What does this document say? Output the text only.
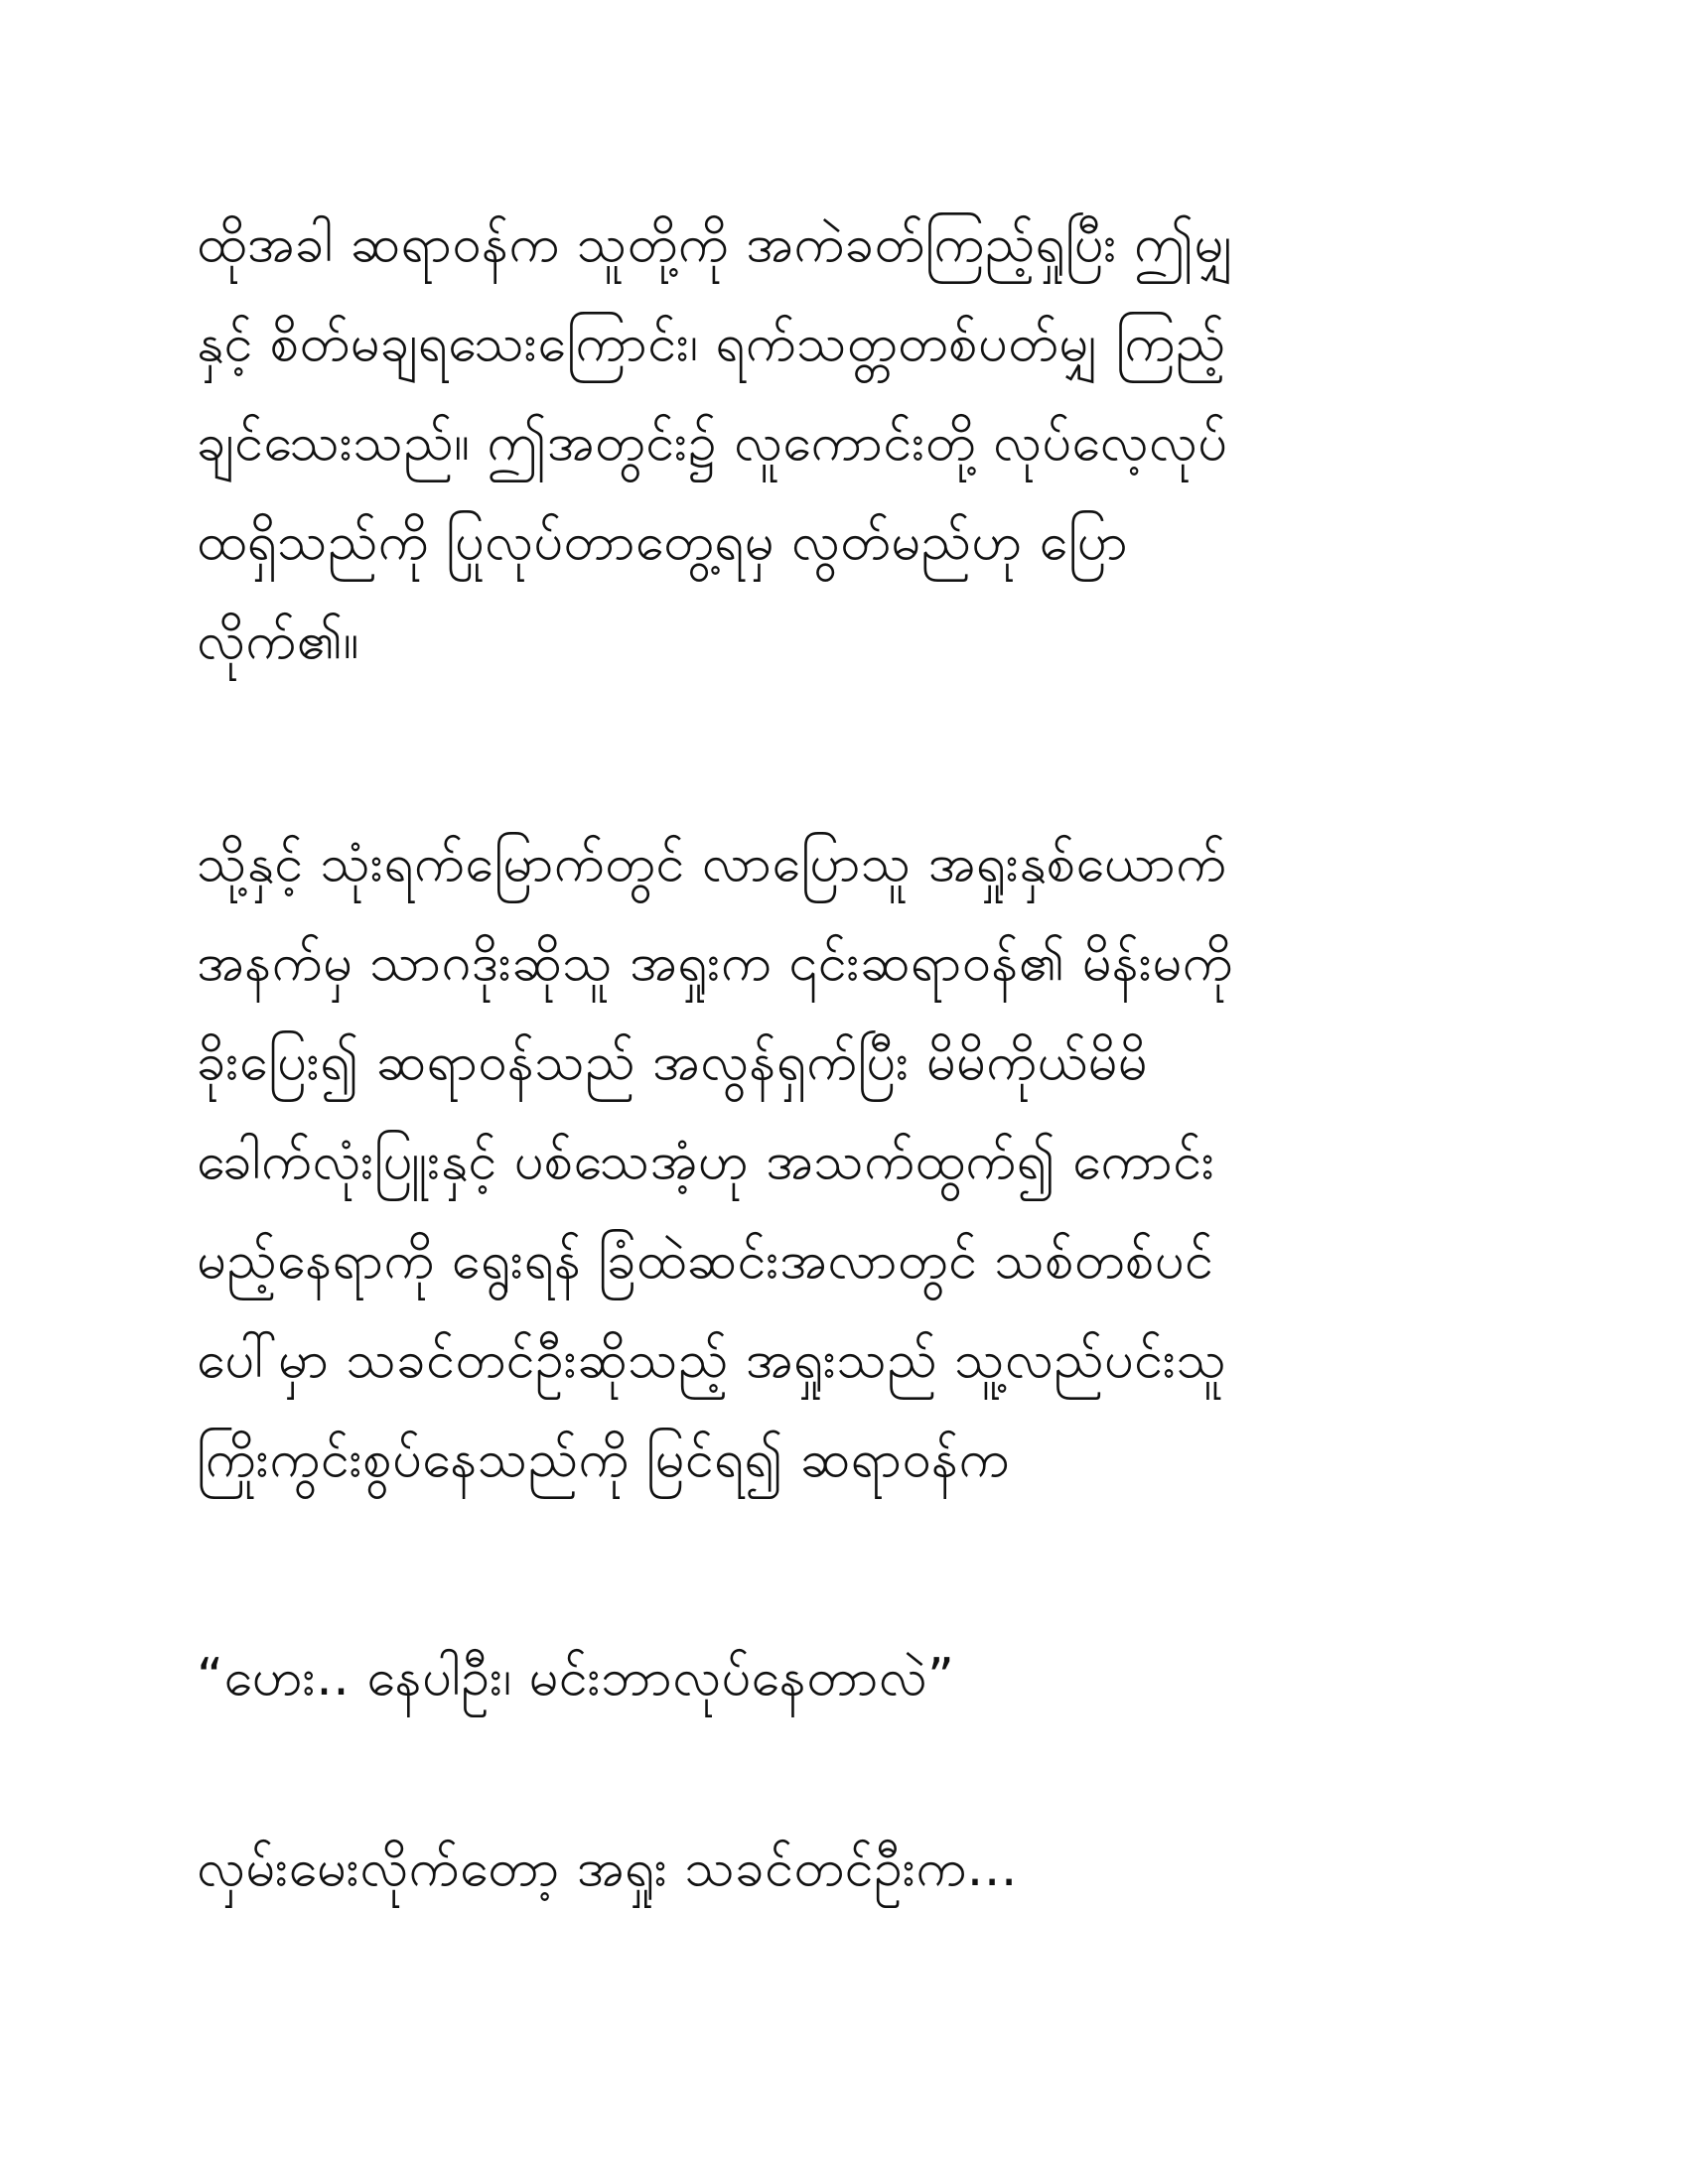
ထိုအခါ ဆရာဝန်က သူတို့ကို အကဲခတ်ကြည့်ရှုပြီး ဤမျှ
နှင့် စိတ်မချရသေးကြောင်း၊ ရက်သတ္တတစ်ပတ်မျှ ကြည့်
ချင်သေးသည်။ ဤအတွင်း၌ လူကောင်းတို့ လုပ်လေ့လုပ်
ထရှိသည်ကို ပြုလုပ်တာတွေ့ရမှ လွတ်မည်ဟု ပြော
လိုက်၏။
သို့နှင့် သုံးရက်မြောက်တွင် လာပြောသူ အရှုးနှစ်ယောက်
အနက်မှ သာဂဒိုးဆိုသူ အရှုးက ၎င်းဆရာဝန်၏ မိန်းမကို
ခိုးပြေး၍ ဆရာဝန်သည် အလွန်ရှက်ပြီး မိမိကိုယ်မိမိ
ခေါက်လုံးပြူးနှင့် ပစ်သေအံ့ဟု အသက်ထွက်၍ ကောင်း
မည့်နေရာကို ရွေးရန် ခြံထဲဆင်းအလာတွင် သစ်တစ်ပင်
ပေါ်မှာ သခင်တင်ဦးဆိုသည့် အရှုးသည် သူ့လည်ပင်းသူ
ကြိုးကွင်းစွပ်နေသည်ကို မြင်ရ၍ ဆရာဝန်က
“ဟေး.. နေပါဦး၊ မင်းဘာလုပ်နေတာလဲ”
လှမ်းမေးလိုက်တော့ အရှုး သခင်တင်ဦးက...
